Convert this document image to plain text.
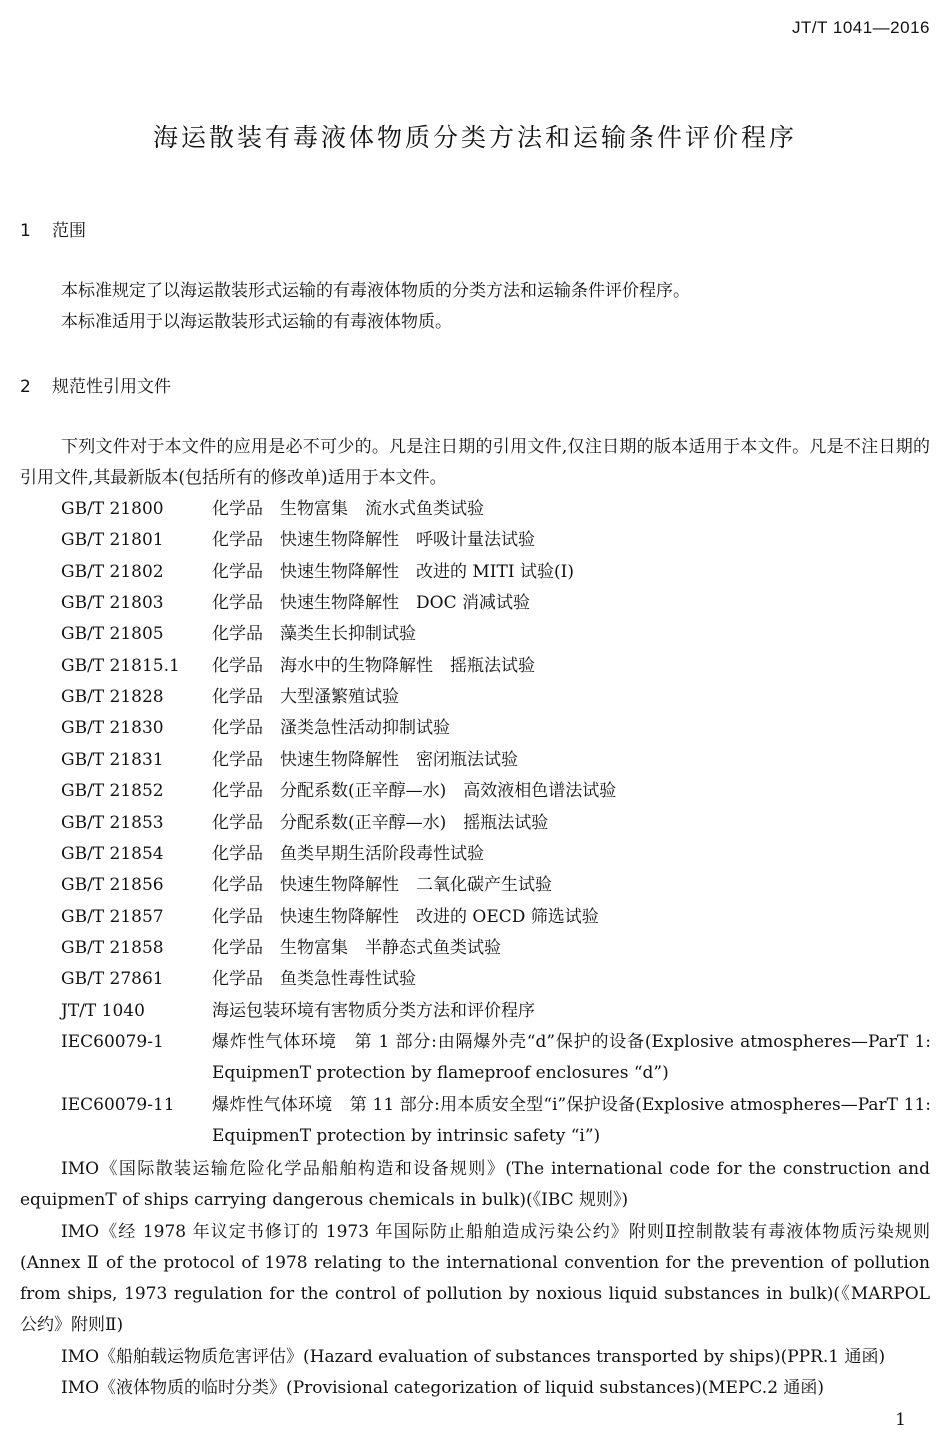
JT/T 1041—2016
海运散装有毒液体物质分类方法和运输条件评价程序
1 范围
本标准规定了以海运散装形式运输的有毒液体物质的分类方法和运输条件评价程序。
本标准适用于以海运散装形式运输的有毒液体物质。
2 规范性引用文件
下列文件对于本文件的应用是必不可少的。凡是注日期的引用文件,仅注日期的版本适用于本文件。凡是不注日期的引用文件,其最新版本(包括所有的修改单)适用于本文件。
GB/T 21800	化学品　生物富集　流水式鱼类试验
GB/T 21801	化学品　快速生物降解性　呼吸计量法试验
GB/T 21802	化学品　快速生物降解性　改进的 MITI 试验(Ⅰ)
GB/T 21803	化学品　快速生物降解性　DOC 消减试验
GB/T 21805	化学品　藻类生长抑制试验
GB/T 21815.1 化学品　海水中的生物降解性　摇瓶法试验
GB/T 21828	化学品　大型溞繁殖试验
GB/T 21830	化学品　溞类急性活动抑制试验
GB/T 21831	化学品　快速生物降解性　密闭瓶法试验
GB/T 21852	化学品　分配系数(正辛醇—水)　高效液相色谱法试验
GB/T 21853	化学品　分配系数(正辛醇—水)　摇瓶法试验
GB/T 21854	化学品　鱼类早期生活阶段毒性试验
GB/T 21856	化学品　快速生物降解性　二氧化碳产生试验
GB/T 21857	化学品　快速生物降解性　改进的 OECD 筛选试验
GB/T 21858	化学品　生物富集　半静态式鱼类试验
GB/T 27861	化学品　鱼类急性毒性试验
JT/T 1040	海运包装环境有害物质分类方法和评价程序
IEC60079-1	爆炸性气体环境　第 1 部分:由隔爆外壳“d”保护的设备(Explosive atmospheres—ParT 1: EquipmenT protection by flameproof enclosures “d”)
IEC60079-11 爆炸性气体环境　第 11 部分:用本质安全型“i”保护设备(Explosive atmospheres—ParT 11: EquipmenT protection by intrinsic safety “i”)
IMO《国际散装运输危险化学品船舶构造和设备规则》(The international code for the construction and equipmenT of ships carrying dangerous chemicals in bulk)(《IBC 规则》)
IMO《经 1978 年议定书修订的 1973 年国际防止船舶造成污染公约》附则Ⅱ控制散装有毒液体物质污染规则(Annex Ⅱ of the protocol of 1978 relating to the international convention for the prevention of pollution from ships, 1973 regulation for the control of pollution by noxious liquid substances in bulk)(《MARPOL 公约》附则Ⅱ)
IMO《船舶载运物质危害评估》(Hazard evaluation of substances transported by ships)(PPR.1 通函)
IMO《液体物质的临时分类》(Provisional categorization of liquid substances)(MEPC.2 通函)
1
